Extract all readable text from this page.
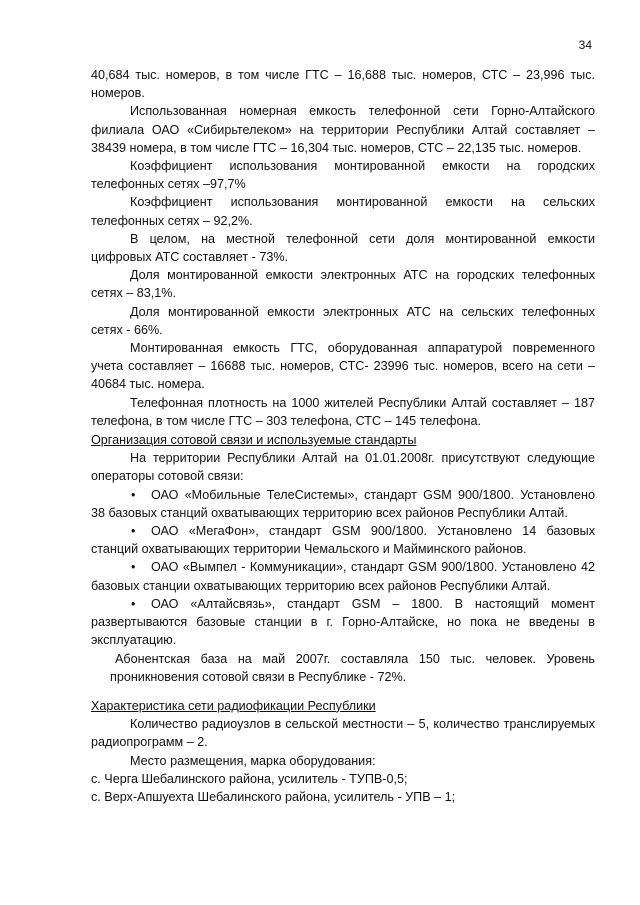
34

40,684 тыс. номеров, в том числе ГТС – 16,688 тыс. номеров, СТС – 23,996 тыс. номеров.

Использованная номерная емкость телефонной сети Горно-Алтайского филиала ОАО «Сибирьтелеком» на территории Республики Алтай составляет – 38439 номера, в том числе ГТС – 16,304 тыс. номеров, СТС – 22,135 тыс. номеров.

Коэффициент использования монтированной емкости на городских телефонных сетях –97,7%

Коэффициент использования монтированной емкости на сельских телефонных сетях – 92,2%.

В целом, на местной телефонной сети доля монтированной емкости цифровых АТС составляет - 73%.

Доля монтированной емкости электронных АТС на городских телефонных сетях – 83,1%.

Доля монтированной емкости электронных АТС на сельских телефонных сетях - 66%.

Монтированная емкость ГТС, оборудованная аппаратурой повременного учета составляет – 16688 тыс. номеров, СТС- 23996 тыс. номеров, всего на сети – 40684 тыс. номера.

Телефонная плотность на 1000 жителей Республики Алтай составляет – 187 телефона, в том числе ГТС – 303 телефона, СТС – 145 телефона.

Организация сотовой связи и используемые стандарты

На территории Республики Алтай на 01.01.2008г. присутствуют следующие операторы сотовой связи:

• ОАО «Мобильные ТелеСистемы», стандарт GSM 900/1800. Установлено 38 базовых станций охватывающих территорию всех районов Республики Алтай.

• ОАО «МегаФон», стандарт GSM 900/1800. Установлено 14 базовых станций охватывающих территории Чемальского и Майминского районов.

• ОАО «Вымпел - Коммуникации», стандарт GSM 900/1800. Установлено 42 базовых станции охватывающих территорию всех районов Республики Алтай.

• ОАО «Алтайсвязь», стандарт GSM – 1800. В настоящий момент развертываются базовые станции в г. Горно-Алтайске, но пока не введены в эксплуатацию.

Абонентская база на май 2007г. составляла 150 тыс. человек. Уровень проникновения сотовой связи в Республике - 72%.

Характеристика сети радиофикации Республики

Количество радиоузлов в сельской местности – 5, количество транслируемых радиопрограмм – 2.

Место размещения, марка оборудования:

с. Черга Шебалинского района, усилитель - ТУПВ-0,5;

с. Верх-Апшуехта Шебалинского района, усилитель - УПВ – 1;
